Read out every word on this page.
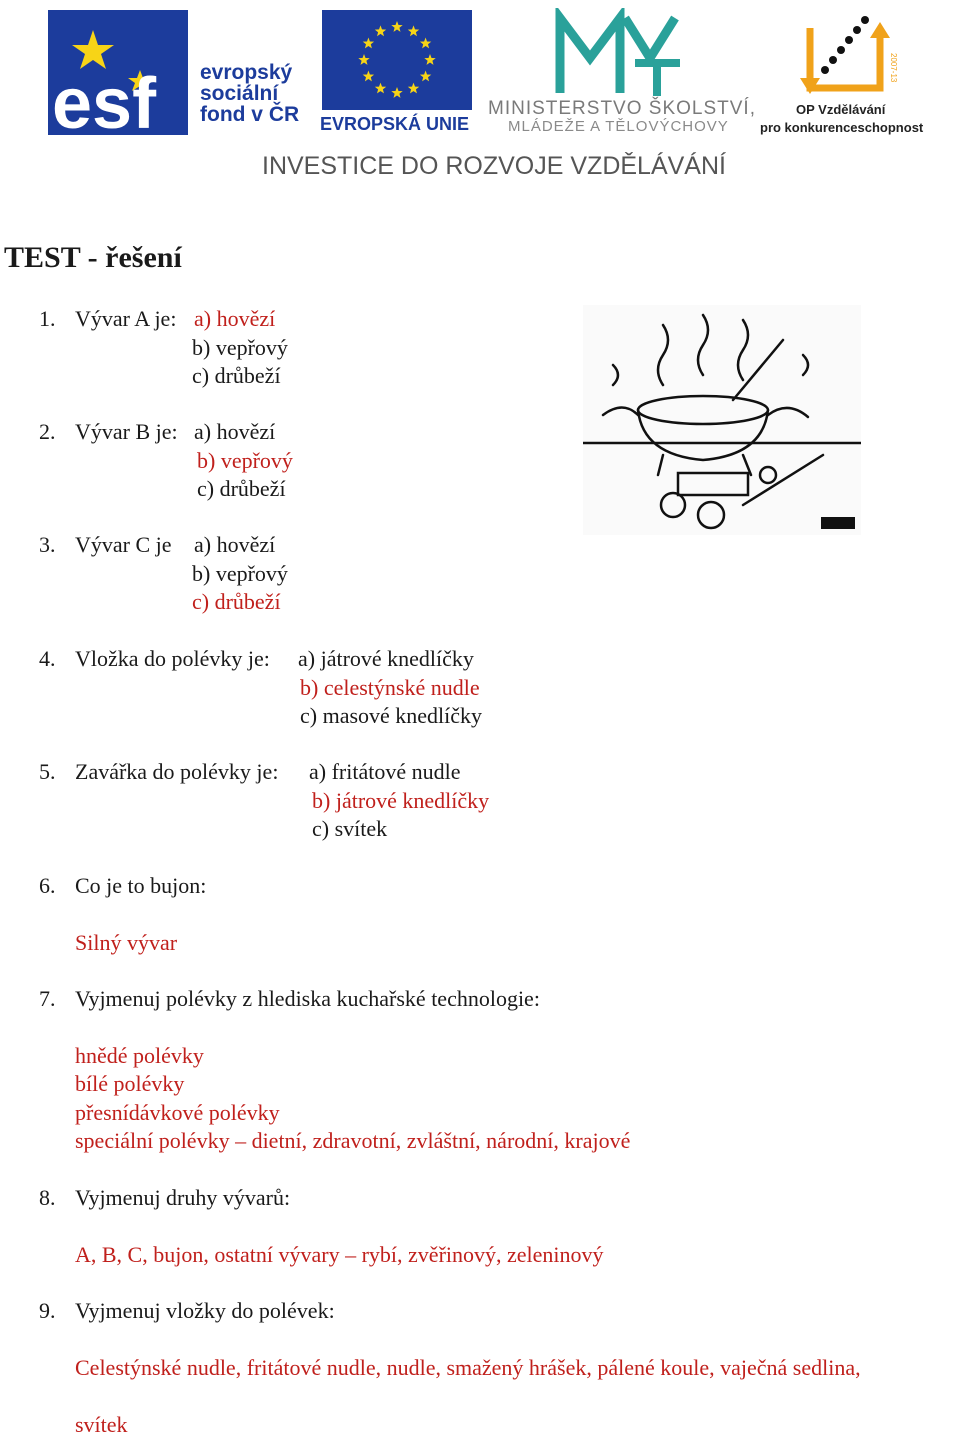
esf evropský
sociální
fond v ČR EVROPSKÁ UNIE
MINISTERSTVO ŠKOLSTVÍ,
MLÁDEŽE A TĚLOVÝCHOVY
2007-13
OP Vzdělávání
pro konkurenceschopnost
INVESTICE DO ROZVOJE VZDĚLÁVÁNÍ
TEST - řešení
1. Vývar A je: a) hovězí
b) vepřový
c) drůbeží
2. Vývar B je: a) hovězí
b) vepřový
c) drůbeží
3. Vývar C je a) hovězí
b) vepřový
c) drůbeží
4. Vložka do polévky je: a) játrové knedlíčky
b) celestýnské nudle
c) masové knedlíčky
5. Zavářka do polévky je: a) fritátové nudle
b) játrové knedlíčky
c) svítek
6. Co je to bujon:
Silný vývar
7. Vyjmenuj polévky z hlediska kuchařské technologie:
hnědé polévky
bílé polévky
přesnídávkové polévky
speciální polévky – dietní, zdravotní, zvláštní, národní, krajové
8. Vyjmenuj druhy vývarů:
A, B, C, bujon, ostatní vývary – rybí, zvěřinový, zeleninový
9. Vyjmenuj vložky do polévek:
Celestýnské nudle, fritátové nudle, nudle, smažený hrášek, pálené koule, vaječná sedlina,
svítek
